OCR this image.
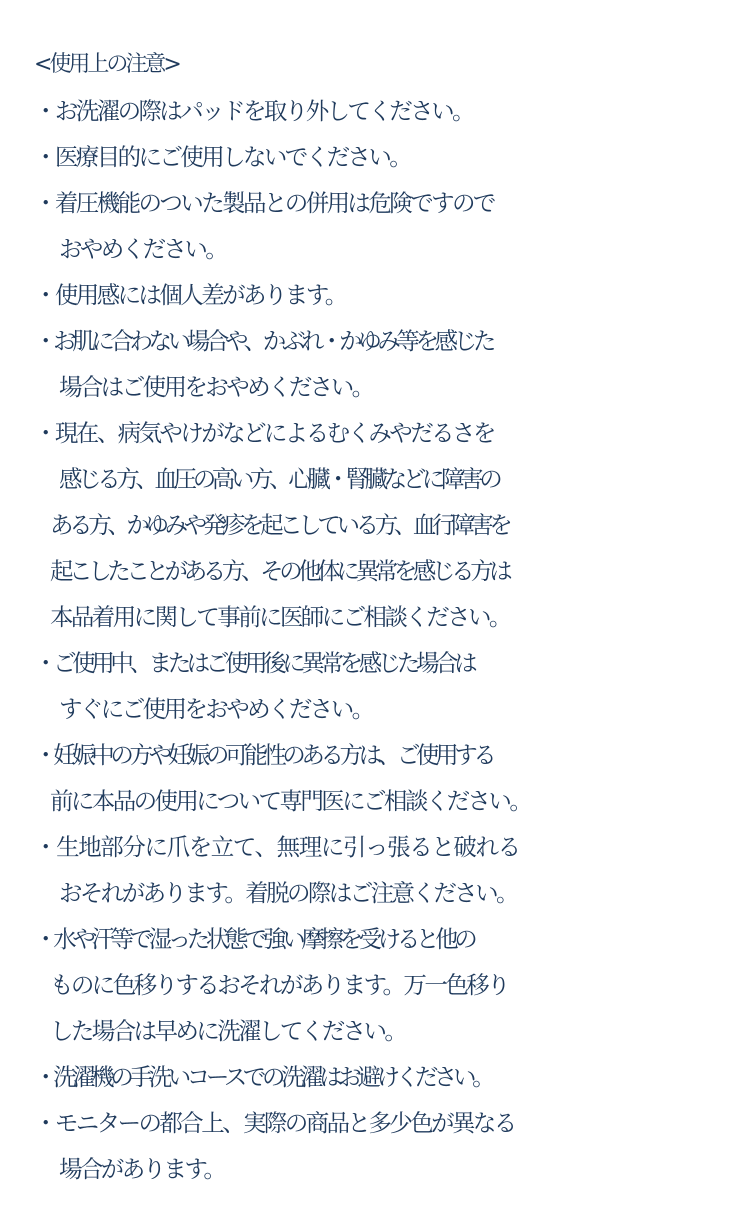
<使用上の注意>
・お洗濯の際はパッドを取り外してください。
・医療目的にご使用しないでください。
・着圧機能のついた製品との併用は危険ですので
おやめください。
・使用感には個人差があります。
・お肌に合わない場合や、かぶれ・かゆみ等を感じた
場合はご使用をおやめください。
・現在、病気やけがなどによるむくみやだるさを
感じる方、血圧の高い方、心臓・腎臓などに障害の
ある方、かゆみや発疹を起こしている方、血行障害を
起こしたことがある方、その他体に異常を感じる方は
本品着用に関して事前に医師にご相談ください。
・ご使用中、またはご使用後に異常を感じた場合は
すぐにご使用をおやめください。
・妊娠中の方や妊娠の可能性のある方は、ご使用する
前に本品の使用について専門医にご相談ください。
・生地部分に爪を立て、無理に引っ張ると破れる
おそれがあります。着脱の際はご注意ください。
・水や汗等で湿った状態で強い摩擦を受けると他の
ものに色移りするおそれがあります。万一色移り
した場合は早めに洗濯してください。
・洗濯機の手洗いコースでの洗濯はお避けください。
・モニターの都合上、実際の商品と多少色が異なる
場合があります。
